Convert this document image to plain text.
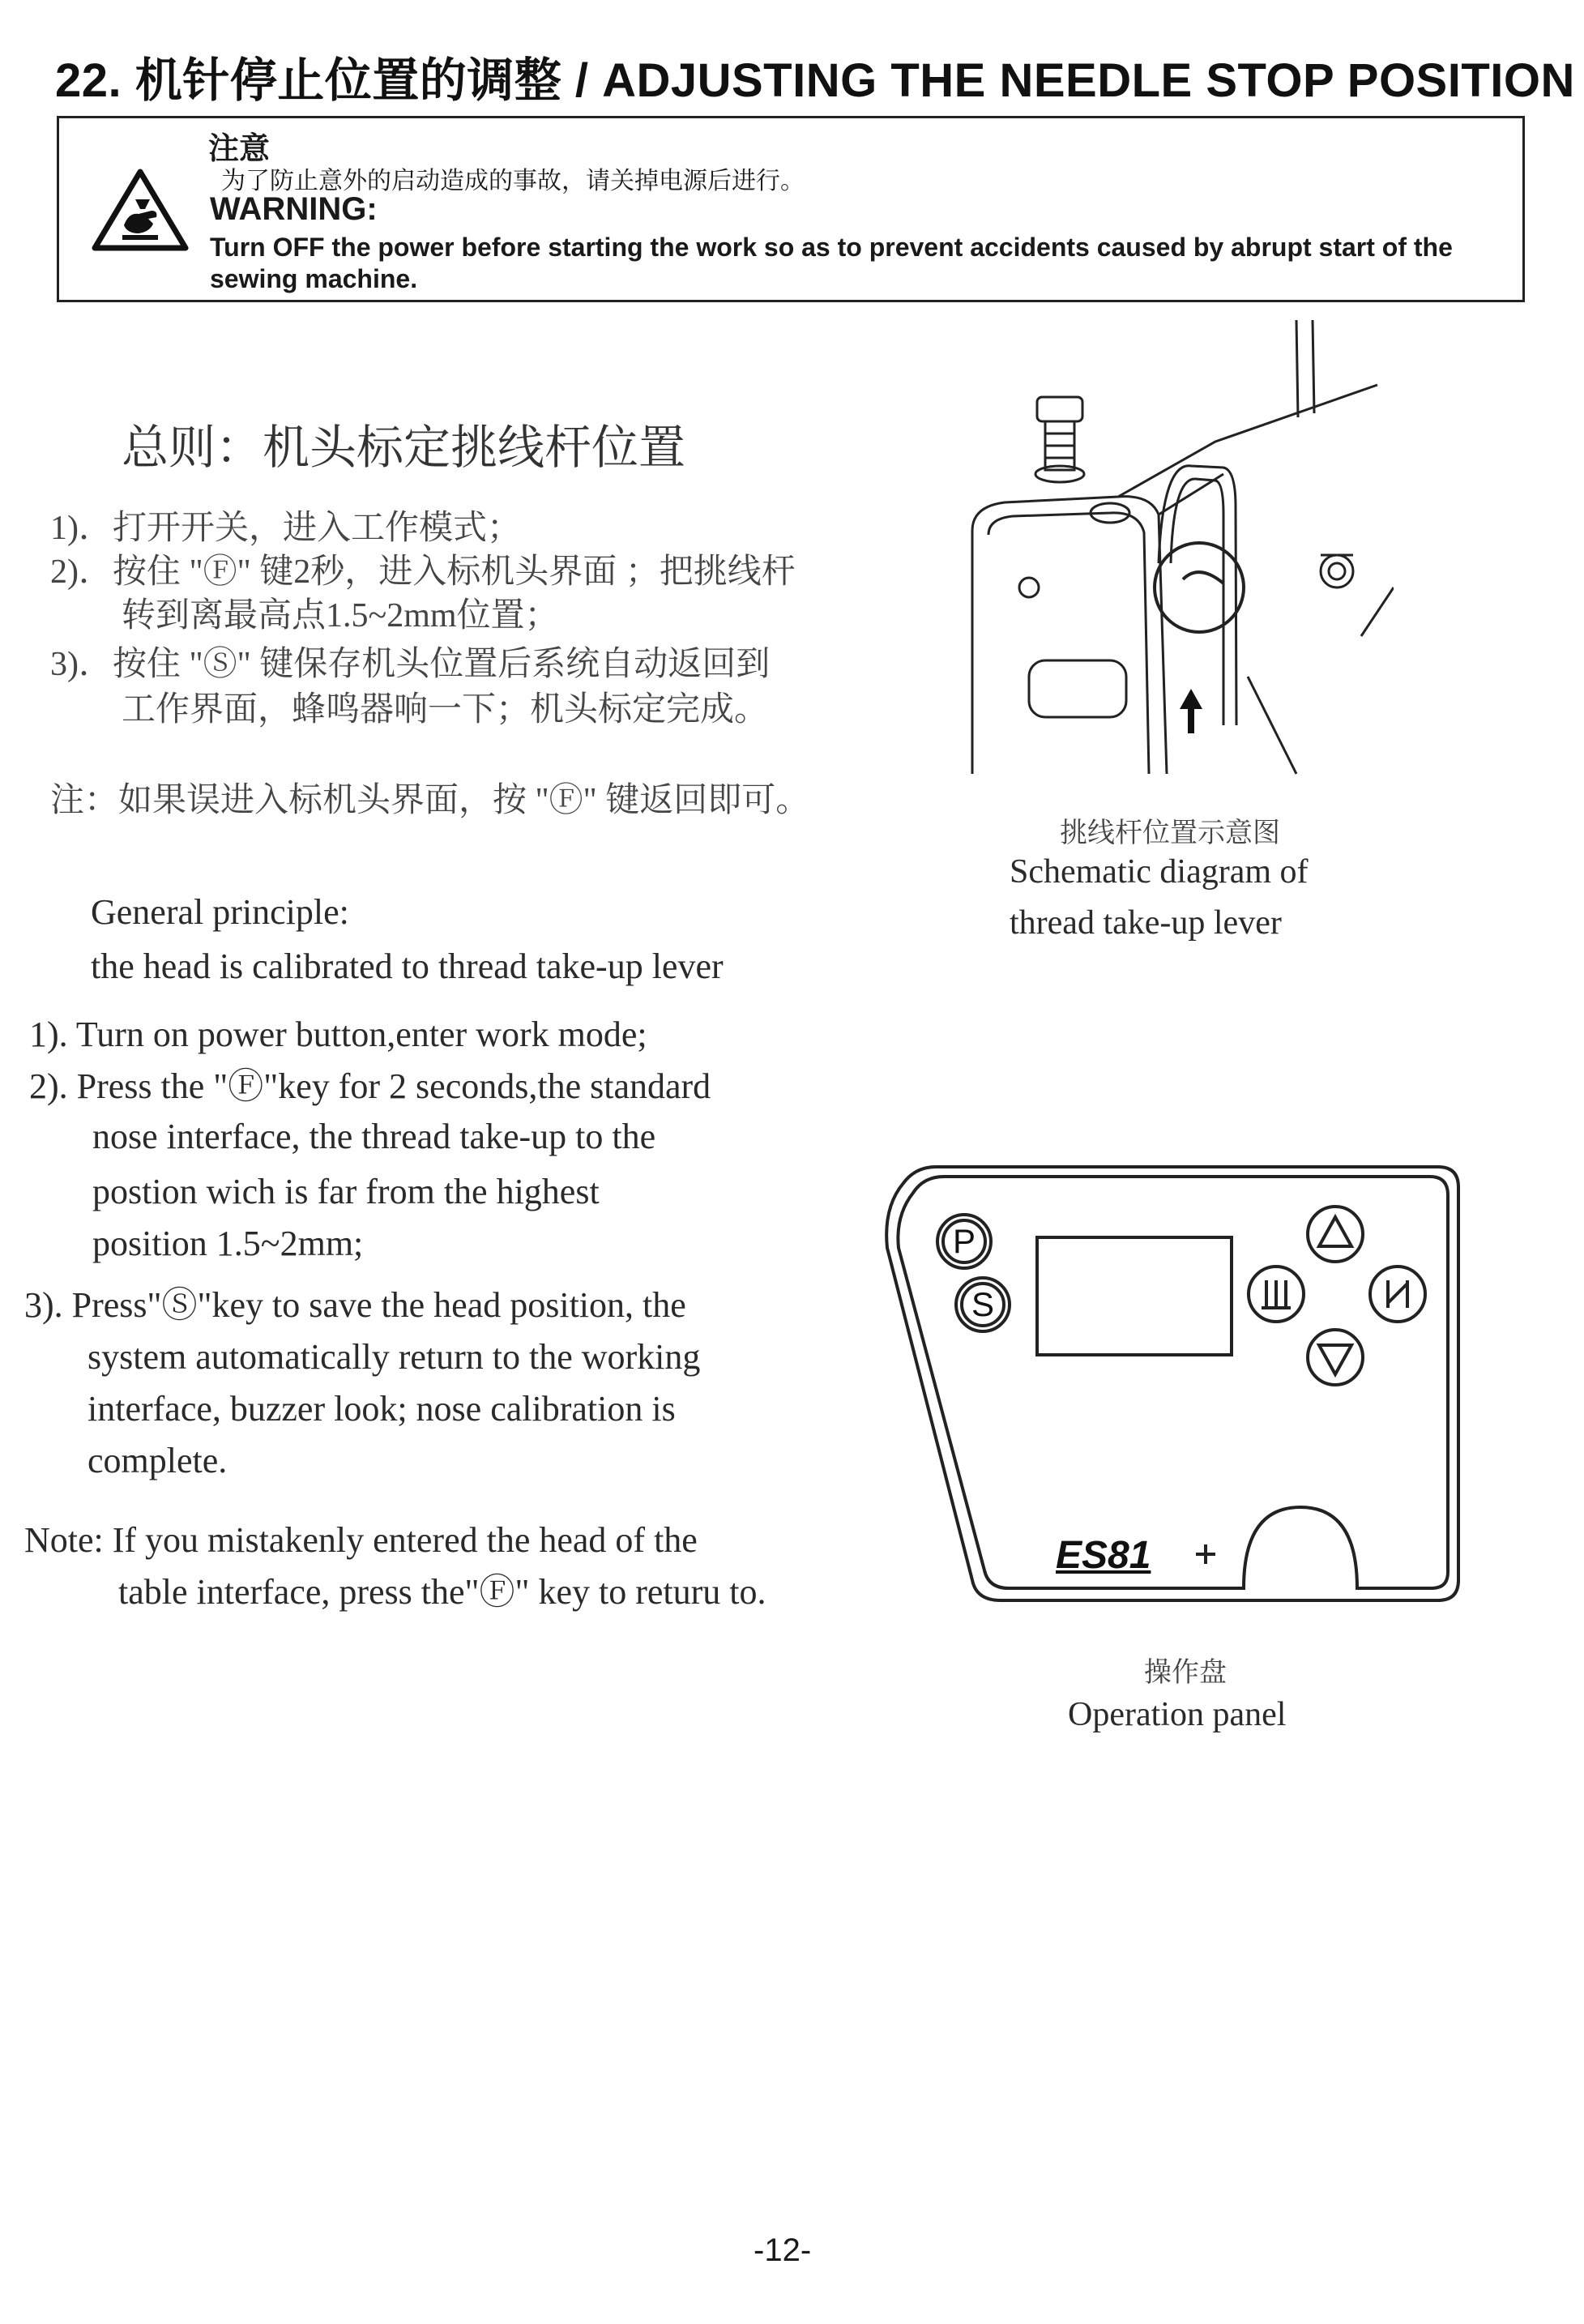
22. 机针停止位置的调整 / ADJUSTING THE NEEDLE STOP POSITION
注意
为了防止意外的启动造成的事故，请关掉电源后进行。
WARNING:
Turn OFF the power before starting the work so as to prevent accidents caused by abrupt start of the sewing machine.
总则：机头标定挑线杆位置
1)．打开开关，进入工作模式；
2)．按住 "Ⓕ" 键2秒，进入标机头界面 ；把挑线杆
转到离最高点1.5~2mm位置；
3)．按住 "Ⓢ" 键保存机头位置后系统自动返回到
工作界面，蜂鸣器响一下；机头标定完成。
注：如果误进入标机头界面，按 "Ⓕ" 键返回即可。
General principle:
the head is calibrated to thread take-up lever
1). Turn on power button,enter work mode;
2). Press the "Ⓕ"key for 2 seconds,the standard
nose interface, the thread take-up to the
postion wich is far from the highest
position 1.5~2mm;
3). Press"Ⓢ"key to save the head position, the
system automatically return to the working
interface, buzzer look; nose calibration is
complete.
Note: If you mistakenly entered the head of the
table interface, press the"Ⓕ" key to returu to.
挑线杆位置示意图
Schematic diagram of
thread take-up lever
P
S
ES81
操作盘
Operation panel
-12-
